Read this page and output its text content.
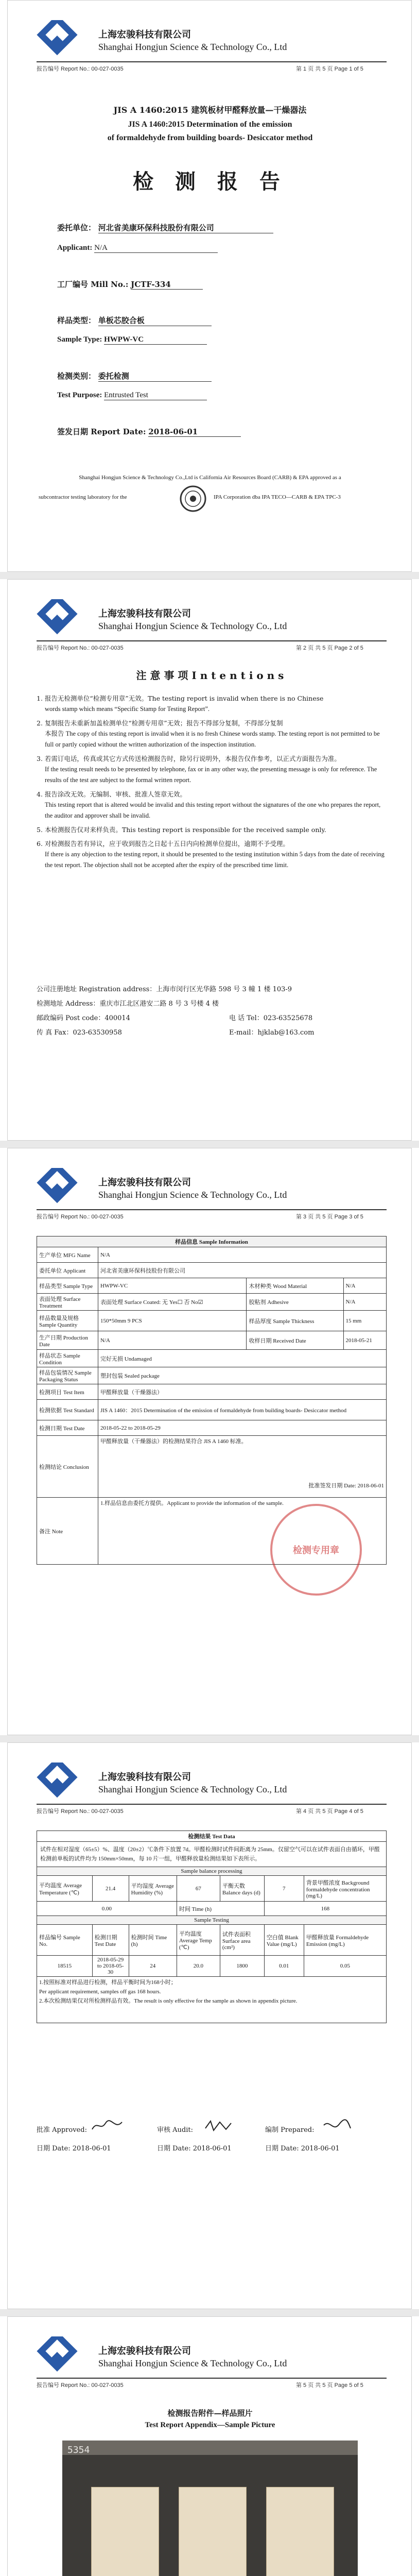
上海宏骏科技有限公司
Shanghai Hongjun Science & Technology Co., Ltd
报告编号 Report No.: 00-027-0035	第 1 页 共 5 页 Page 1 of 5
JIS A 1460:2015 建筑板材甲醛释放量—干燥器法
JIS A 1460:2015 Determination of the emission
of formaldehyde from building boards- Desiccator method
检 测 报 告
委托单位： 河北省美康环保科技股份有限公司
Applicant: N/A
工厂编号 Mill No.: JCTF-334
样品类型： 单板芯胶合板
Sample Type: HWPW-VC
检测类别： 委托检测
Test Purpose: Entrusted Test
签发日期 Report Date: 2018-06-01
Shanghai Hongjun Science & Technology Co.,Ltd is California Air Resources Board (CARB) & EPA approved as a
subcontractor testing laboratory for the	IPA Corporation dba IPA TECO—CARB & EPA TPC-3
上海宏骏科技有限公司
Shanghai Hongjun Science & Technology Co., Ltd
报告编号 Report No.: 00-027-0035	第 2 页 共 5 页 Page 2 of 5
注 意 事 项 I n t e n t i o n s
1. 报告无检测单位“检测专用章”无效。The testing report is invalid when there is no Chinese
words stamp which means “Specific Stamp for Testing Report”.
2. 复制报告未重新加盖检测单位“检测专用章”无效；报告不得部分复制，不得部分复制
本报告 The copy of this testing report is invalid when it is no fresh Chinese words stamp. The testing report is not permitted to be full or partly copied without the written authorization of the inspection institution.
3. 若需订电话，传真或其它方式传送检测报告时，除另行说明外，本报告仅作参考，以正式方面报告为准。
If the testing result needs to be presented by telephone, fax or in any other way, the presenting message is only for reference. The results of the test are subject to the formal written report.
4. 报告涂改无效。无编制、审核、批准人签章无效。
This testing report that is altered would be invalid and this testing report without the signatures of the one who prepares the report, the auditor and approver shall be invalid.
5. 本检测报告仅对来样负责。This testing report is responsible for the received sample only.
6. 对检测报告若有异议，应于收到报告之日起十五日内向检测单位提出，逾期不予受理。
If there is any objection to the testing report, it should be presented to the testing institution within 5 days from the date of receiving the test report. The objection shall not be accepted after the expiry of the prescribed time limit.
公司注册地址 Registration address：上海市闵行区光华路 598 号 3 幢 1 楼 103-9
检测地址 Address：重庆市江北区港安二路 8 号 3 号楼 4 楼
邮政编码 Post code：400014	电 话 Tel：023-63525678
传 真 Fax：023-63530958	E-mail：hjklab@163.com
上海宏骏科技有限公司
Shanghai Hongjun Science & Technology Co., Ltd
报告编号 Report No.: 00-027-0035	第 3 页 共 5 页 Page 3 of 5
样品信息 Sample Information			
生产单位 MFG Name	N/A		
委托单位 Applicant	河北省美康环保科技股份有限公司		
样品类型 Sample Type	HWPW-VC	木材种类 Wood Material	N/A
表面处理 Surface Treatment	表面处理 Surface Coated: 无 Yes☐ 否 No☑	胶粘剂 Adhesive	N/A
样品数量及规格 Sample Quantity	150*50mm 9 PCS	样品厚度 Sample Thickness	15 mm
生产日期 Production Date	N/A	收样日期 Received Date	2018-05-21
样品状态 Sample Condition	完好无损 Undamaged		
样品包装情况 Sample Packaging Status	塑封包装 Sealed package		
检测项目 Test Item	甲醛释放量（干燥器法）		
检测依据 Test Standard	JIS A 1460：2015 Determination of the emission of formaldehyde from building boards- Desiccator method		
检测日期 Test Date	2018-05-22 to 2018-05-29		
检测结论 Conclusion	甲醛释放量（干燥器法）的检测结果符合 JIS A 1460 标准。
批准签发日期 Date: 2018-06-01		

备注 Note	1.样品信息由委托方提供。Applicant to provide the information of the sample.		
检测专用章
上海宏骏科技有限公司
Shanghai Hongjun Science & Technology Co., Ltd
报告编号 Report No.: 00-027-0035	第 4 页 共 5 页 Page 4 of 5
检测结果 Test Data						
试件在相对湿度（65±5）%、温度（20±2）℃条件下放置 7d。甲醛检测时试件间距离为 25mm。仅留空气可以在试件表面自由循环，甲醛检测前单板的试件均为 150mm×50mm，每 10 片一组，甲醛释放量检测结果如下表所示。						
Sample balance processing						
平均温度 Average Temperature (℃)	21.4	平均湿度 Average Humidity (%)	67	平衡天数 Balance days (d)	7	背景甲醛浓度 Background formaldehyde concentration (mg/L)
0.00			时间 Time (h)		168	
Sample Testing						
样品编号 Sample No.	检测日期 Test Date	检测时间 Time (h)	平均温度 Average Temp (℃)	试件表面积 Surface area (cm²)	空白值 Blank Value (mg/L)	甲醛释放量 Formaldehyde Emission (mg/L)
18515	2018-05-29 to 2018-05-30	24	20.0	1800	0.01	0.05

1.按照标准对样品进行检测，样品平衡时间为168小时；
Per applicant requirement, samples off gas 168 hours.
2.本次检测结果仅对所检测样品有效。The result is only effective for the sample as shown in appendix picture.						
批准 Approved:	审核 Audit:	编制 Prepared:
日期 Date: 2018-06-01	日期 Date: 2018-06-01	日期 Date: 2018-06-01
上海宏骏科技有限公司
Shanghai Hongjun Science & Technology Co., Ltd
报告编号 Report No.: 00-027-0035	第 5 页 共 5 页 Page 5 of 5
检测报告附件—样品照片
Test Report Appendix—Sample Picture
5354
